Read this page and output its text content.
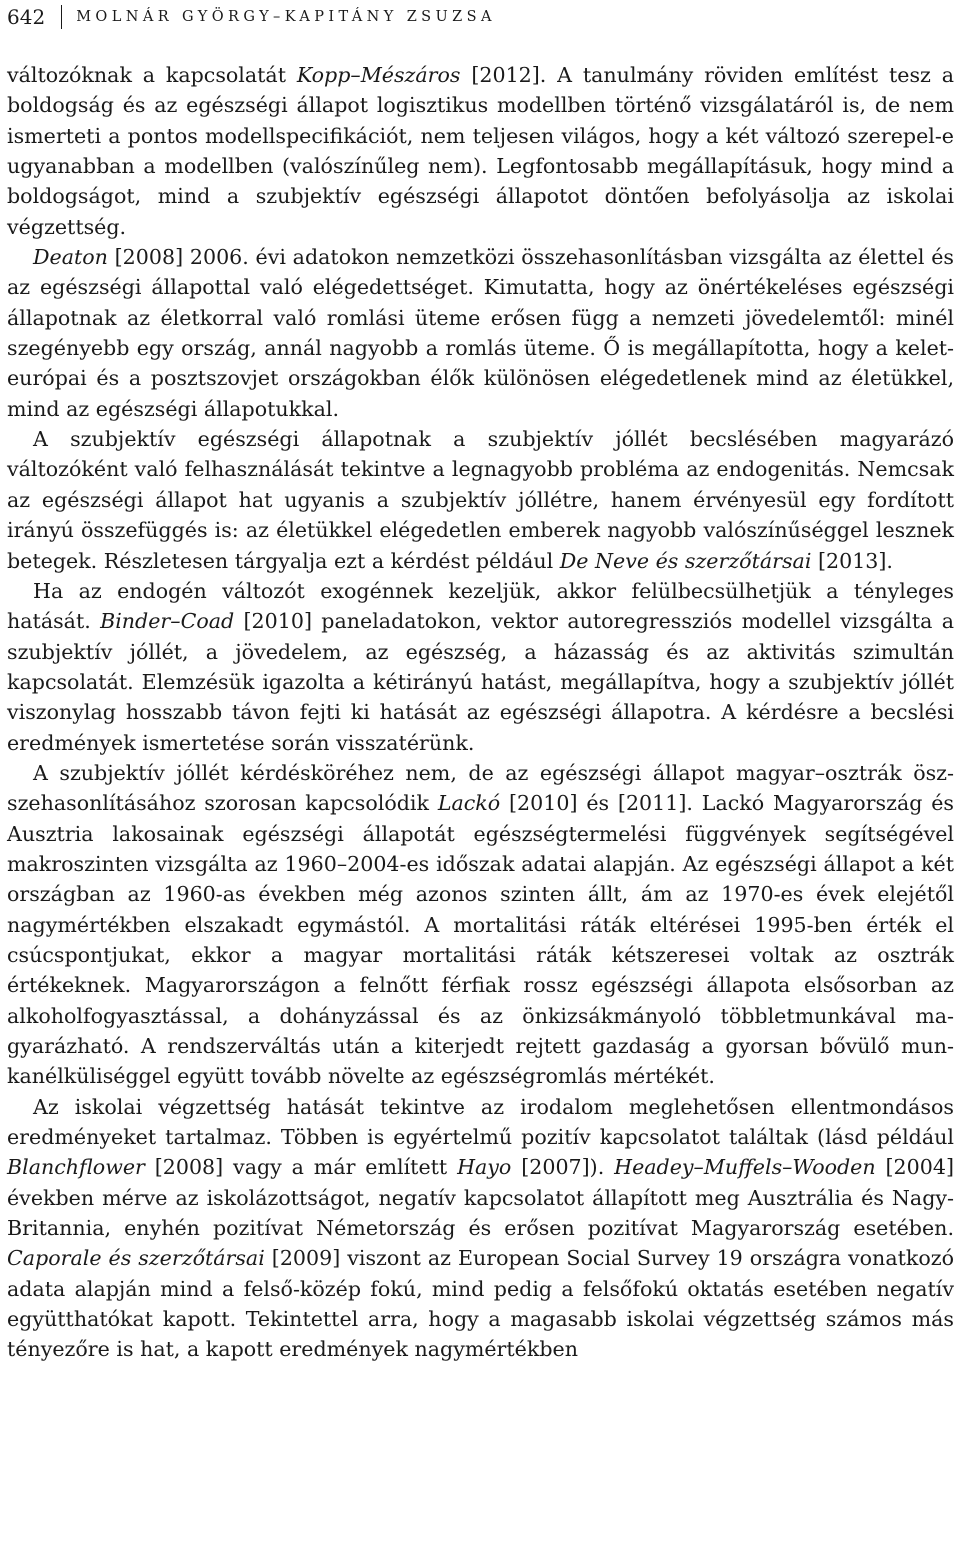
642	MOLNÁR GYÖRGY–KAPITÁNY ZSUZSA

változóknak a kapcsolatát Kopp–Mészáros [2012]. A tanulmány röviden említést tesz a boldogság és az egészségi állapot logisztikus modellben történő vizsgálatáról is, de nem ismerteti a pontos modellspecifikációt, nem teljesen világos, hogy a két változó szerepel-e ugyanabban a modellben (valószínűleg nem). Legfontosabb megállapításuk, hogy mind a boldogságot, mind a szubjektív egészségi állapotot döntően befolyásolja az iskolai végzettség.

Deaton [2008] 2006. évi adatokon nemzetközi összehasonlításban vizsgálta az élettel és az egészségi állapottal való elégedettséget. Kimutatta, hogy az önértékeléses egészségi állapotnak az életkorral való romlási üteme erősen függ a nemzeti jövedelemtől: minél szegényebb egy ország, annál nagyobb a romlás üteme. Ő is megállapította, hogy a kelet-európai és a posztszovjet országokban élők különösen elégedetlenek mind az életükkel, mind az egészségi állapotukkal.

A szubjektív egészségi állapotnak a szubjektív jóllét becslésében magyarázó változóként való felhasználását tekintve a legnagyobb probléma az endogenitás. Nemcsak az egészségi állapot hat ugyanis a szubjektív jóllétre, hanem érvényesül egy fordított irányú összefüggés is: az életükkel elégedetlen emberek nagyobb valószínűséggel lesznek betegek. Részletesen tárgyalja ezt a kérdést például De Neve és szerzőtársai [2013].

Ha az endogén változót exogénnek kezeljük, akkor felülbecsülhetjük a tényleges hatását. Binder–Coad [2010] paneladatokon, vektor autoregressziós modellel vizsgálta a szubjektív jóllét, a jövedelem, az egészség, a házasság és az aktivitás szimultán kapcsolatát. Elemzésük igazolta a kétirányú hatást, megállapítva, hogy a szubjektív jóllét viszonylag hosszabb távon fejti ki hatását az egészségi állapotra. A kérdésre a becslési eredmények ismertetése során visszatérünk.

A szubjektív jóllét kérdésköréhez nem, de az egészségi állapot magyar–osztrák öszszehasonlításához szorosan kapcsolódik Lackó [2010] és [2011]. Lackó Magyarország és Ausztria lakosainak egészségi állapotát egészségtermelési függvények segítségével makroszinten vizsgálta az 1960–2004-es időszak adatai alapján. Az egészségi állapot a két országban az 1960-as években még azonos szinten állt, ám az 1970-es évek elejétől nagymértékben elszakadt egymástól. A mortalitási ráták eltérései 1995-ben érték el csúcspontjukat, ekkor a magyar mortalitási ráták kétszeresei voltak az osztrák értékeknek. Magyarországon a felnőtt férfiak rossz egészségi állapota elsősorban az alkoholfogyasztással, a dohányzással és az önkizsákmányoló többletmunkával magyarázható. A rendszerváltás után a kiterjedt rejtett gazdaság a gyorsan bővülő munkanélküliséggel együtt tovább növelte az egészségromlás mértékét.

Az iskolai végzettség hatását tekintve az irodalom meglehetősen ellentmondásos eredményeket tartalmaz. Többen is egyértelmű pozitív kapcsolatot találtak (lásd például Blanchflower [2008] vagy a már említett Hayo [2007]). Headey–Muffels–Wooden [2004] években mérve az iskolázottságot, negatív kapcsolatot állapított meg Ausztrália és Nagy-Britannia, enyhén pozitívat Németország és erősen pozitívat Magyarország esetében. Caporale és szerzőtársai [2009] viszont az European Social Survey 19 országra vonatkozó adata alapján mind a felső-közép fokú, mind pedig a felsőfokú oktatás esetében negatív együtthatókat kapott. Tekintettel arra, hogy a magasabb iskolai végzettség számos más tényezőre is hat, a kapott eredmények nagymértékben
